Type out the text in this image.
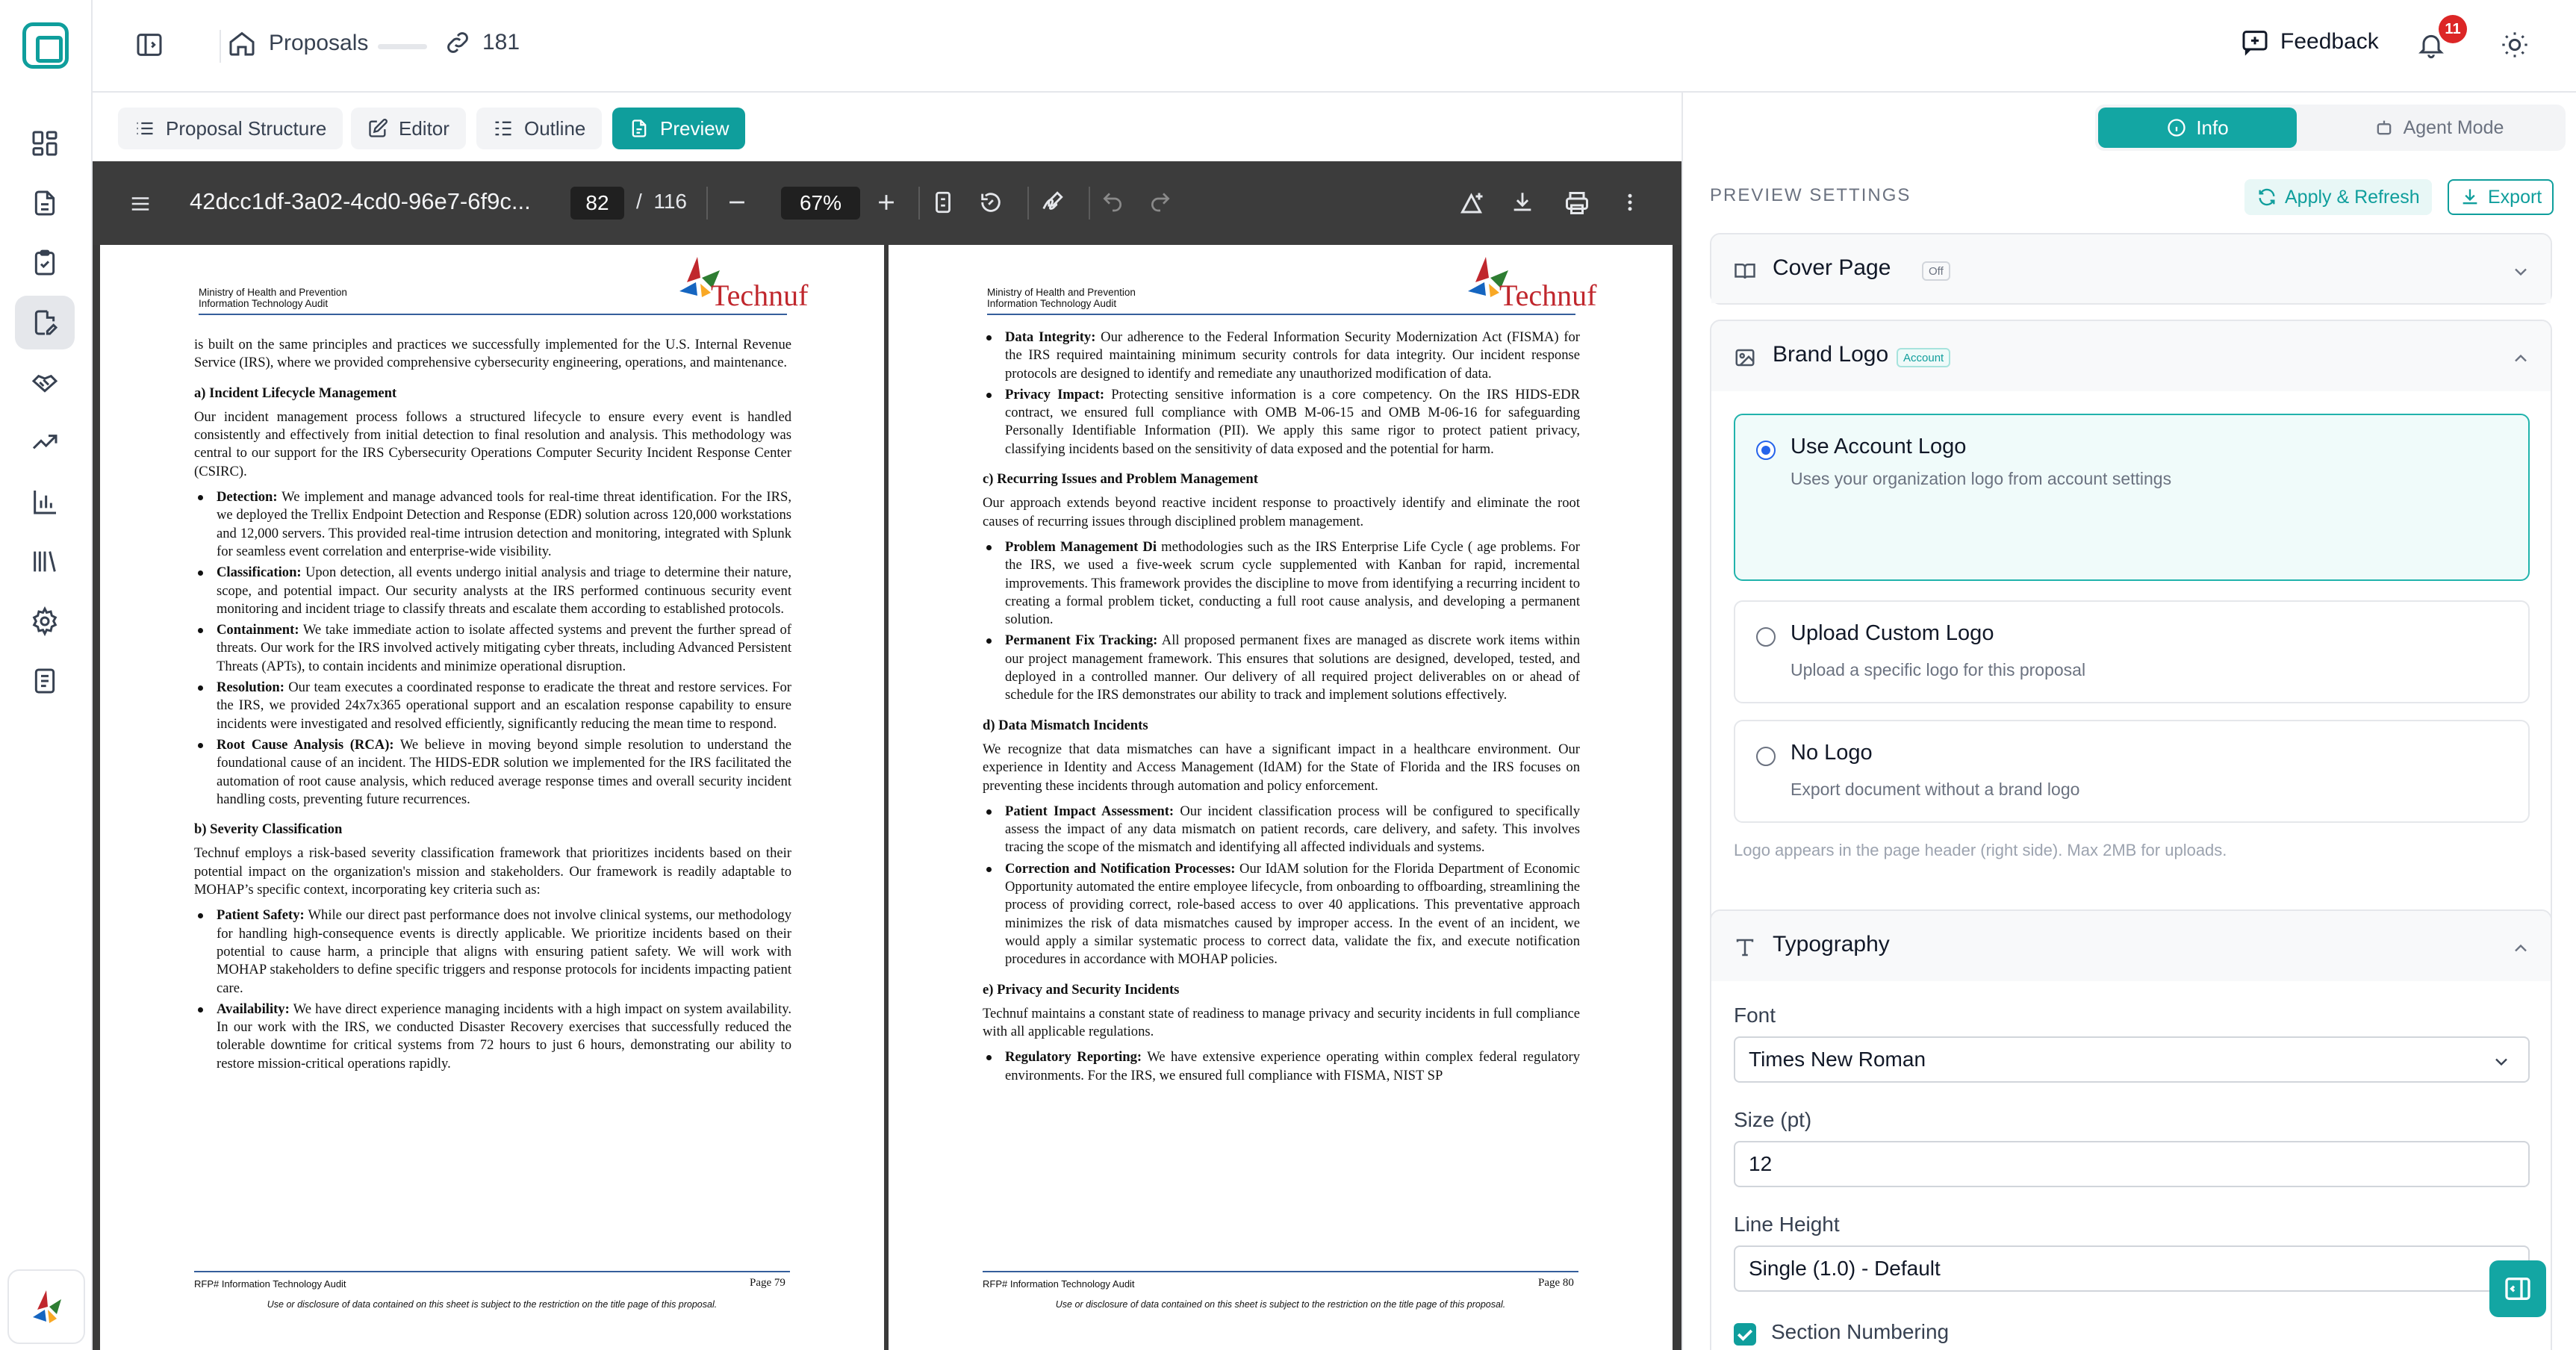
Proposals	181	Feedback
11
Proposal Structure	Editor	Outline	Preview
42dcc1df-3a02-4cd0-96e7-6f9c...	82	/ 116	67%
Ministry of Health and Prevention
Information Technology Audit	Technuf

is built on the same principles and practices we successfully implemented for the U.S. Internal Revenue Service (IRS), where we provided comprehensive cybersecurity engineering, operations, and maintenance.

a) Incident Lifecycle Management

Our incident management process follows a structured lifecycle to ensure every event is handled consistently and effectively from initial detection to final resolution and analysis. This methodology was central to our support for the IRS Cybersecurity Operations Computer Security Incident Response Center (CSIRC).

Detection: We implement and manage advanced tools for real-time threat identification. For the IRS, we deployed the Trellix Endpoint Detection and Response (EDR) solution across 120,000 workstations and 12,000 servers. This provided real-time intrusion detection and monitoring, integrated with Splunk for seamless event correlation and enterprise-wide visibility.
Classification: Upon detection, all events undergo initial analysis and triage to determine their nature, scope, and potential impact. Our security analysts at the IRS performed continuous security event monitoring and incident triage to classify threats and escalate them according to established protocols.
Containment: We take immediate action to isolate affected systems and prevent the further spread of threats. Our work for the IRS involved actively mitigating cyber threats, including Advanced Persistent Threats (APTs), to contain incidents and minimize operational disruption.
Resolution: Our team executes a coordinated response to eradicate the threat and restore services. For the IRS, we provided 24x7x365 operational support and an escalation response capability to ensure incidents were investigated and resolved efficiently, significantly reducing the mean time to respond.
Root Cause Analysis (RCA): We believe in moving beyond simple resolution to understand the foundational cause of an incident. The HIDS-EDR solution we implemented for the IRS facilitated the automation of root cause analysis, which reduced average response times and overall security incident handling costs, preventing future recurrences.
b) Severity Classification

Technuf employs a risk-based severity classification framework that prioritizes incidents based on their potential impact on the organization's mission and stakeholders. Our framework is readily adaptable to MOHAP’s specific context, incorporating key criteria such as:

Patient Safety: While our direct past performance does not involve clinical systems, our methodology for handling high-consequence events is directly applicable. We prioritize incidents based on their potential to cause harm, a principle that aligns with ensuring patient safety. We will work with MOHAP stakeholders to define specific triggers and response protocols for incidents impacting patient care.
Availability: We have direct experience managing incidents with a high impact on system availability. In our work with the IRS, we conducted Disaster Recovery exercises that successfully reduced the tolerable downtime for critical systems from 72 hours to just 6 hours, demonstrating our ability to restore mission-critical operations rapidly.
RFP# Information Technology Audit	Page 79
Use or disclosure of data contained on this sheet is subject to the restriction on the title page of this proposal.
Ministry of Health and Prevention
Information Technology Audit	Technuf
Data Integrity: Our adherence to the Federal Information Security Modernization Act (FISMA) for the IRS required maintaining minimum security controls for data integrity. Our incident response protocols are designed to identify and remediate any unauthorized modification of data.
Privacy Impact: Protecting sensitive information is a core competency. On the IRS HIDS-EDR contract, we ensured full compliance with OMB M-06-15 and OMB M-06-16 for safeguarding Personally Identifiable Information (PII). We apply this same rigor to protect patient privacy, classifying incidents based on the sensitivity of data exposed and the potential for harm.
c) Recurring Issues and Problem Management

Our approach extends beyond reactive incident response to proactively identify and eliminate the root causes of recurring issues through disciplined problem management.

Problem Management Di methodologies such as the IRS Enterprise Life Cycle ( age problems. For the IRS, we used a five-week scrum cycle supplemented with Kanban for rapid, incremental improvements. This framework provides the discipline to move from identifying a recurring incident to creating a formal problem ticket, conducting a full root cause analysis, and developing a permanent solution.
Permanent Fix Tracking: All proposed permanent fixes are managed as discrete work items within our project management framework. This ensures that solutions are designed, developed, tested, and deployed in a controlled manner. Our delivery of all required project deliverables on or ahead of schedule for the IRS demonstrates our ability to track and implement solutions effectively.
d) Data Mismatch Incidents

We recognize that data mismatches can have a significant impact in a healthcare environment. Our experience in Identity and Access Management (IdAM) for the State of Florida and the IRS focuses on preventing these incidents through automation and policy enforcement.

Patient Impact Assessment: Our incident classification process will be configured to specifically assess the impact of any data mismatch on patient records, care delivery, and safety. This involves tracing the scope of the mismatch and identifying all affected individuals and systems.
Correction and Notification Processes: Our IdAM solution for the Florida Department of Economic Opportunity automated the entire employee lifecycle, from onboarding to offboarding, streamlining the process of providing correct, role-based access to over 40 applications. This preventative approach minimizes the risk of data mismatches caused by improper access. In the event of an incident, we would apply a similar systematic process to correct data, validate the fix, and execute notification procedures in accordance with MOHAP policies.
e) Privacy and Security Incidents

Technuf maintains a constant state of readiness to manage privacy and security incidents in full compliance with all applicable regulations.

Regulatory Reporting: We have extensive experience operating within complex federal regulatory environments. For the IRS, we ensured full compliance with FISMA, NIST SP
RFP# Information Technology Audit	Page 80
Use or disclosure of data contained on this sheet is subject to the restriction on the title page of this proposal.
Info	Agent Mode
PREVIEW SETTINGS	Apply & Refresh	Export
Cover Page	Off
Brand Logo	Account
Use Account Logo
Uses your organization logo from account settings
Upload Custom Logo
Upload a specific logo for this proposal
No Logo
Export document without a brand logo
Logo appears in the page header (right side). Max 2MB for uploads.
Typography
Font
Times New Roman
Size (pt)
12
Line Height
Single (1.0) - Default
Section Numbering
